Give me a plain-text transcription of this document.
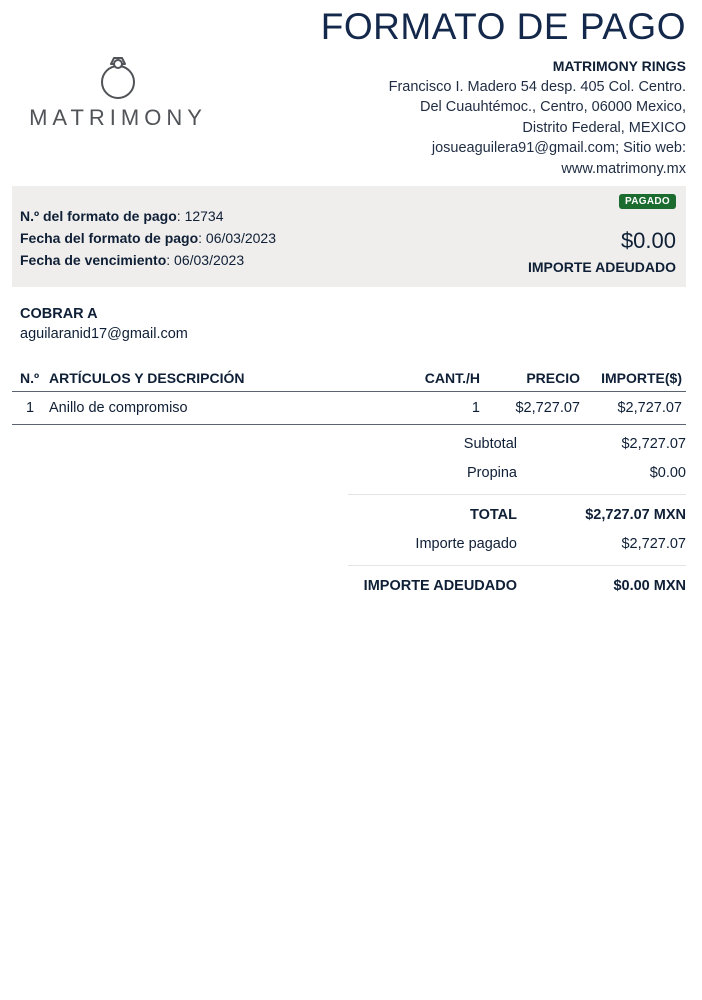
FORMATO DE PAGO
MATRIMONY
MATRIMONY RINGS
Francisco I. Madero 54 desp. 405 Col. Centro.
Del Cuauhtémoc., Centro, 06000 Mexico,
Distrito Federal, MEXICO
josueaguilera91@gmail.com; Sitio web:
www.matrimony.mx
N.º del formato de pago: 12734
Fecha del formato de pago: 06/03/2023
Fecha de vencimiento: 06/03/2023
PAGADO
$0.00
IMPORTE ADEUDADO
COBRAR A
aguilaranid17@gmail.com
N.º ARTÍCULOS Y DESCRIPCIÓN	CANT./H	PRECIO IMPORTE($)
1 Anillo de compromiso	1 $2,727.07	$2,727.07
Subtotal	$2,727.07
Propina	$0.00
TOTAL	$2,727.07 MXN
Importe pagado	$2,727.07
IMPORTE ADEUDADO	$0.00 MXN
